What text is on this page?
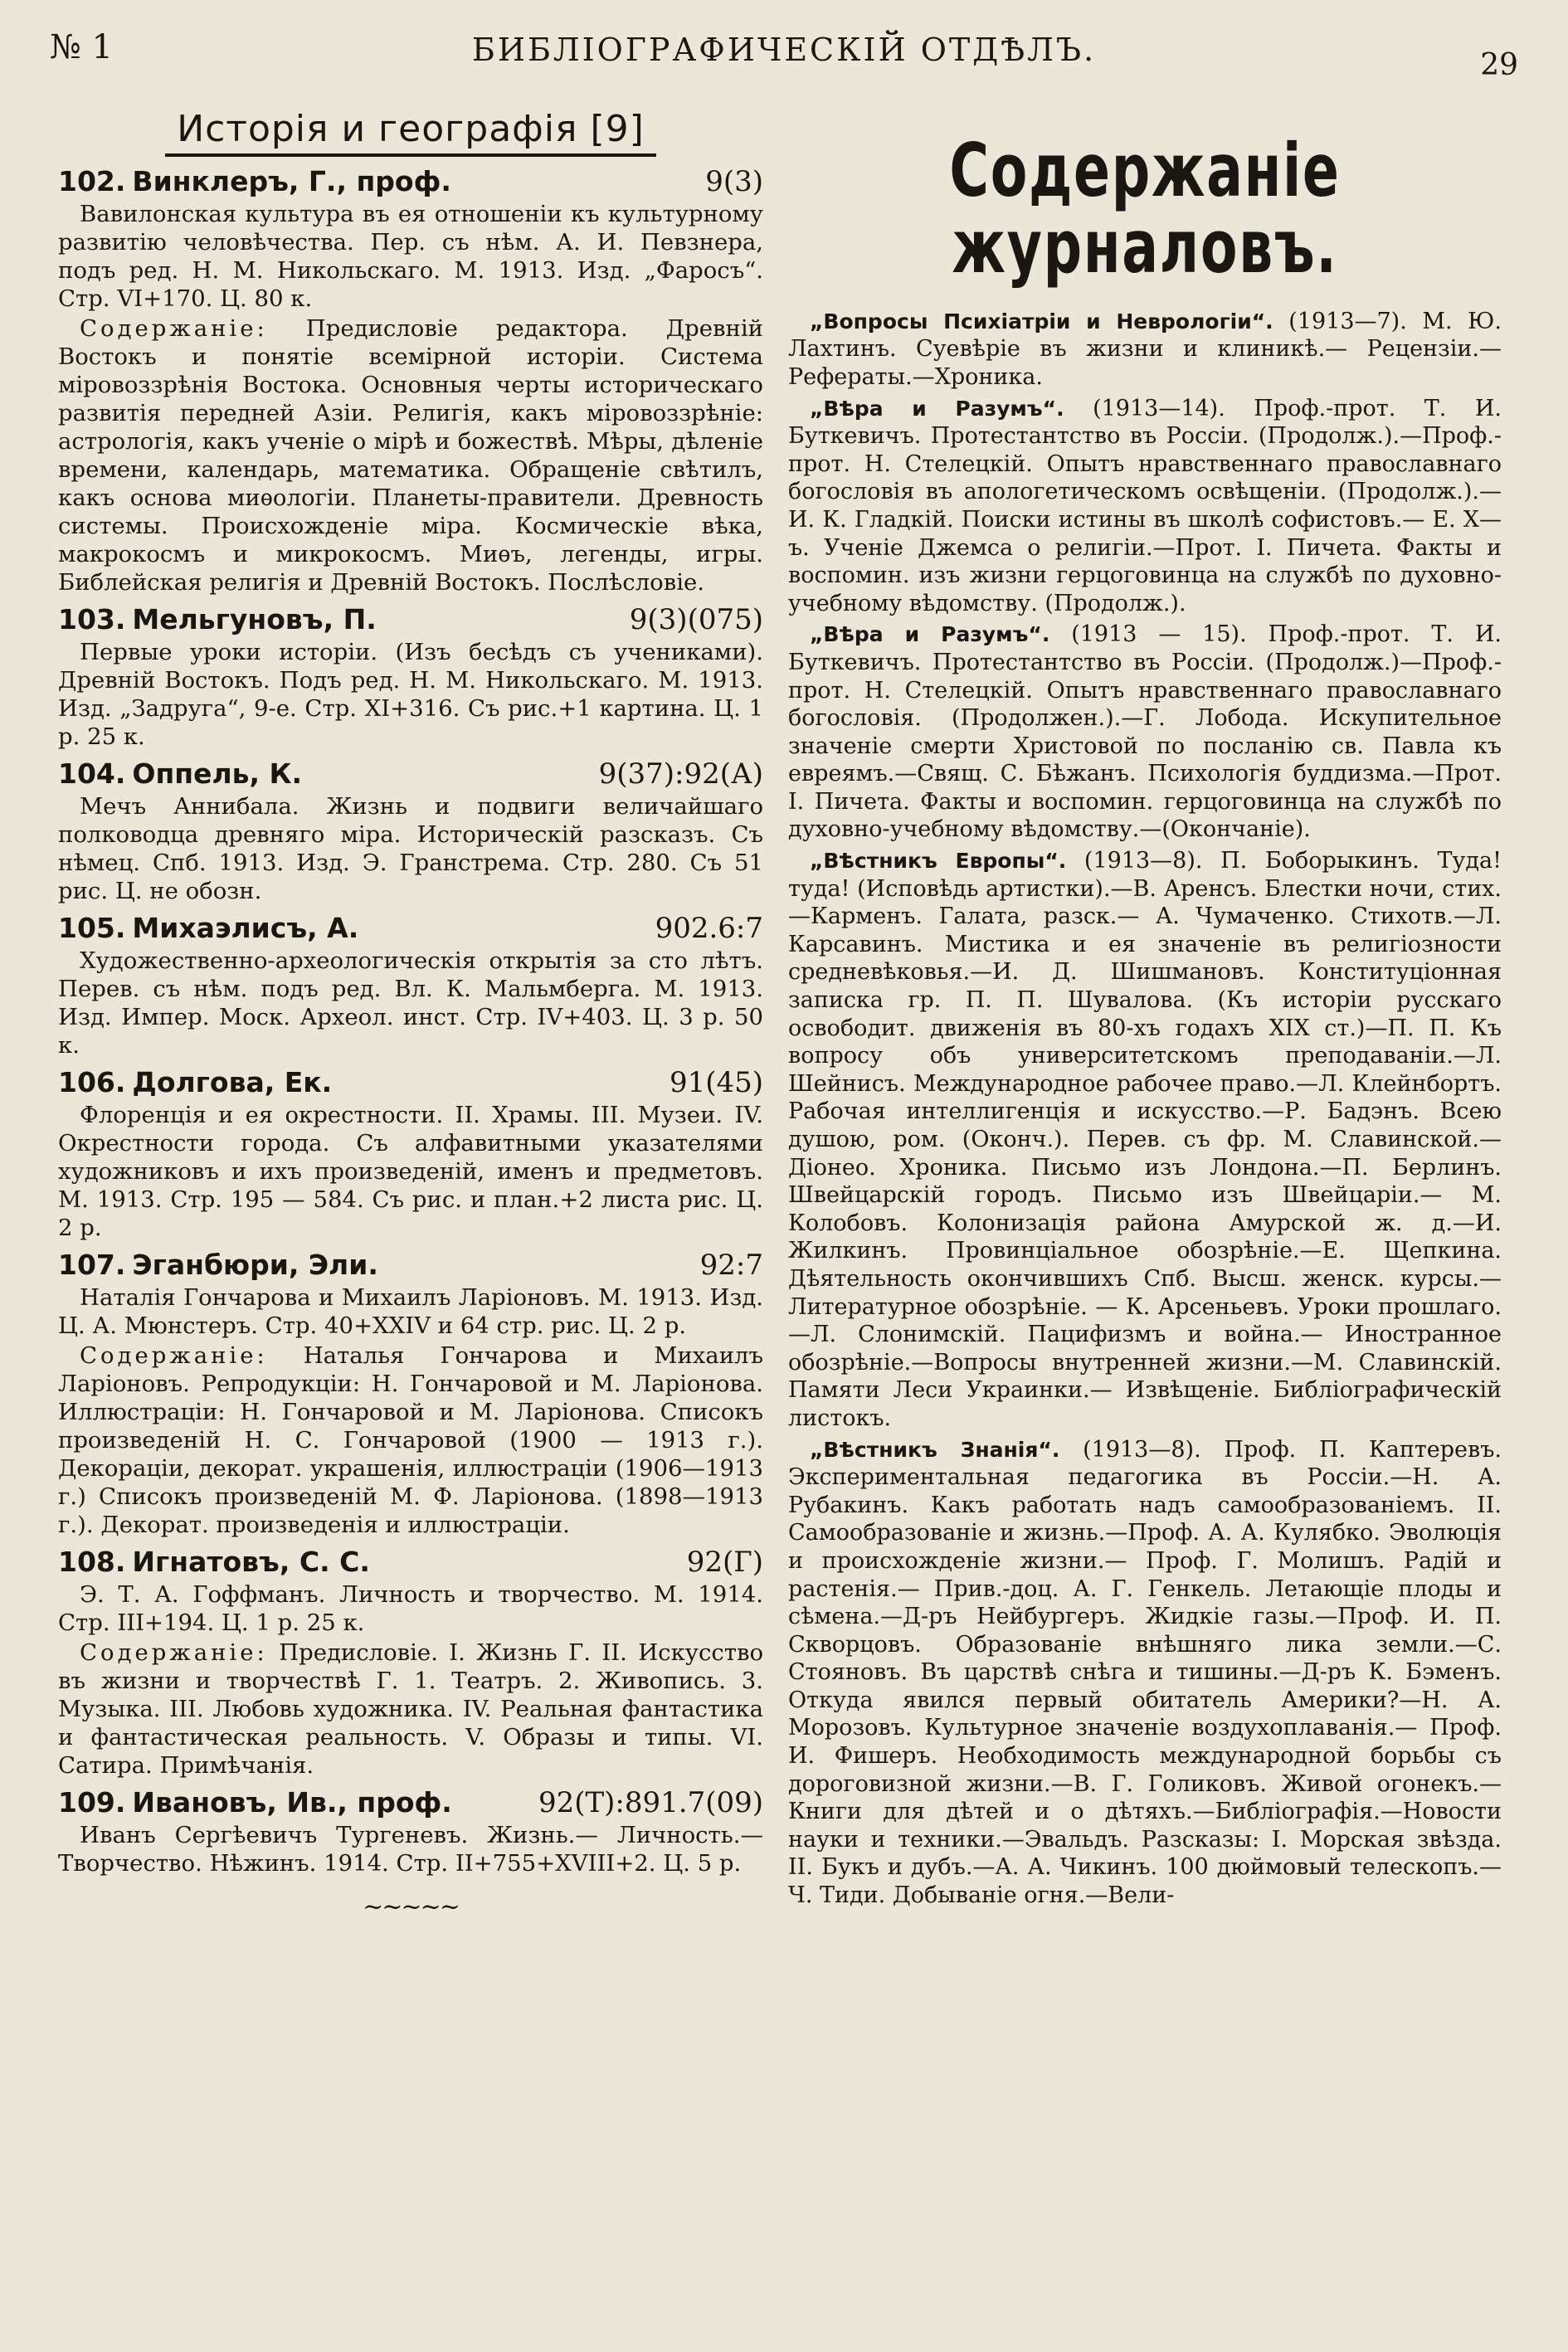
№ 1	БИБЛІОГРАФИЧЕСКІЙ ОТДѢЛЪ.	29
Исторія и географія [9]
102. Винклеръ, Г., проф.	9(3)

Вавилонская культура въ ея отношеніи къ культурному развитію человѣчества. Пер. съ нѣм. А. И. Певзнера, подъ ред. Н. М. Никольскаго. М. 1913. Изд. „Фаросъ“. Стр. VI+170. Ц. 80 к.

Содержаніе: Предисловіе редактора. Древній Востокъ и понятіе всемірной исторіи. Система міровоззрѣнія Востока. Основныя черты историческаго развитія передней Азіи. Религія, какъ міровоззрѣніе: астрологія, какъ ученіе о мірѣ и божествѣ. Мѣры, дѣленіе времени, календарь, математика. Обращеніе свѣтилъ, какъ основа миѳологіи. Планеты-правители. Древность системы. Происхожденіе міра. Космическіе вѣка, макрокосмъ и микрокосмъ. Миѳъ, легенды, игры. Библейская религія и Древній Востокъ. Послѣсловіе.

103. Мельгуновъ, П.	9(3)(075)

Первые уроки исторіи. (Изъ бесѣдъ съ учениками). Древній Востокъ. Подъ ред. Н. М. Никольскаго. М. 1913. Изд. „Задруга“, 9-е. Стр. XI+316. Съ рис.+1 картина. Ц. 1 р. 25 к.

104. Оппель, К.	9(37):92(А)

Мечъ Аннибала. Жизнь и подвиги величайшаго полководца древняго міра. Историческій разсказъ. Съ нѣмец. Спб. 1913. Изд. Э. Гранстрема. Стр. 280. Съ 51 рис. Ц. не обозн.

105. Михаэлисъ, А.	902.6:7

Художественно-археологическія открытія за сто лѣтъ. Перев. съ нѣм. подъ ред. Вл. К. Мальмберга. М. 1913. Изд. Импер. Моск. Археол. инст. Стр. IV+403. Ц. 3 р. 50 к.

106. Долгова, Ек.	91(45)

Флоренція и ея окрестности. II. Храмы. III. Музеи. IV. Окрестности города. Съ алфавитными указателями художниковъ и ихъ произведеній, именъ и предметовъ. М. 1913. Стр. 195 — 584. Съ рис. и план.+2 листа рис. Ц. 2 р.

107. Эганбюри, Эли.	92:7

Наталія Гончарова и Михаилъ Ларіоновъ. М. 1913. Изд. Ц. А. Мюнстеръ. Стр. 40+XXIV и 64 стр. рис. Ц. 2 р.

Содержаніе: Наталья Гончарова и Михаилъ Ларіоновъ. Репродукціи: Н. Гончаровой и М. Ларіонова. Иллюстраціи: Н. Гончаровой и М. Ларіонова. Списокъ произведеній Н. С. Гончаровой (1900 — 1913 г.). Декораціи, декорат. украшенія, иллюстраціи (1906—1913 г.) Списокъ произведеній М. Ф. Ларіонова. (1898—1913 г.). Декорат. произведенія и иллюстраціи.

108. Игнатовъ, С. С.	92(Г)

Э. Т. А. Гоффманъ. Личность и творчество. М. 1914. Стр. III+194. Ц. 1 р. 25 к.

Содержаніе: Предисловіе. I. Жизнь Г. II. Искусство въ жизни и творчествѣ Г. 1. Театръ. 2. Живопись. 3. Музыка. III. Любовь художника. IV. Реальная фантастика и фантастическая реальность. V. Образы и типы. VI. Сатира. Примѣчанія.

109. Ивановъ, Ив., проф.	92(Т):891.7(09)

Иванъ Сергѣевичъ Тургеневъ. Жизнь.— Личность.— Творчество. Нѣжинъ. 1914. Стр. II+755+XVIII+2. Ц. 5 р.

~~~~~
Содержаніе журналовъ.

„Вопросы Психіатріи и Неврологіи“. (1913—7). М. Ю. Лахтинъ. Суевѣріе въ жизни и клиникѣ.— Рецензіи.—Рефераты.—Хроника.

„Вѣра и Разумъ“. (1913—14). Проф.-прот. Т. И. Буткевичъ. Протестантство въ Россіи. (Продолж.).—Проф.-прот. Н. Стелецкій. Опытъ нравственнаго православнаго богословія въ апологетическомъ освѣщеніи. (Продолж.).—И. К. Гладкій. Поиски истины въ школѣ софистовъ.— Е. Х—ъ. Ученіе Джемса о религіи.—Прот. I. Пичета. Факты и воспомин. изъ жизни герцоговинца на службѣ по духовно-учебному вѣдомству. (Продолж.).

„Вѣра и Разумъ“. (1913 — 15). Проф.-прот. Т. И. Буткевичъ. Протестантство въ Россіи. (Продолж.)—Проф.-прот. Н. Стелецкій. Опытъ нравственнаго православнаго богословія. (Продолжен.).—Г. Лобода. Искупительное значеніе смерти Христовой по посланію св. Павла къ евреямъ.—Свящ. С. Бѣжанъ. Психологія буддизма.—Прот. I. Пичета. Факты и воспомин. герцоговинца на службѣ по духовно-учебному вѣдомству.—(Окончаніе).

„Вѣстникъ Европы“. (1913—8). П. Боборыкинъ. Туда! туда! (Исповѣдь артистки).—В. Аренсъ. Блестки ночи, стих.—Карменъ. Галата, разск.— А. Чумаченко. Стихотв.—Л. Карсавинъ. Мистика и ея значеніе въ религіозности средневѣковья.—И. Д. Шишмановъ. Конституціонная записка гр. П. П. Шувалова. (Къ исторіи русскаго освободит. движенія въ 80-хъ годахъ XIX ст.)—П. П. Къ вопросу объ университетскомъ преподаваніи.—Л. Шейнисъ. Международное рабочее право.—Л. Клейнбортъ. Рабочая интеллигенція и искусство.—Р. Бадэнъ. Всею душою, ром. (Оконч.). Перев. съ фр. М. Славинской.—Діонео. Хроника. Письмо изъ Лондона.—П. Берлинъ. Швейцарскій городъ. Письмо изъ Швейцаріи.— М. Колобовъ. Колонизація района Амурской ж. д.—И. Жилкинъ. Провинціальное обозрѣніе.—Е. Щепкина. Дѣятельность окончившихъ Спб. Высш. женск. курсы.— Литературное обозрѣніе. — К. Арсеньевъ. Уроки прошлаго.—Л. Слонимскій. Пацифизмъ и война.— Иностранное обозрѣніе.—Вопросы внутренней жизни.—М. Славинскій. Памяти Леси Украинки.— Извѣщеніе. Библіографическій листокъ.

„Вѣстникъ Знанія“. (1913—8). Проф. П. Каптеревъ. Экспериментальная педагогика въ Россіи.—Н. А. Рубакинъ. Какъ работать надъ самообразованіемъ. II. Самообразованіе и жизнь.—Проф. А. А. Кулябко. Эволюція и происхожденіе жизни.— Проф. Г. Молишъ. Радій и растенія.— Прив.-доц. А. Г. Генкель. Летающіе плоды и сѣмена.—Д-ръ Нейбургеръ. Жидкіе газы.—Проф. И. П. Скворцовъ. Образованіе внѣшняго лика земли.—С. Стояновъ. Въ царствѣ снѣга и тишины.—Д-ръ К. Бэменъ. Откуда явился первый обитатель Америки?—Н. А. Морозовъ. Культурное значеніе воздухоплаванія.— Проф. И. Фишеръ. Необходимость международной борьбы съ дороговизной жизни.—В. Г. Голиковъ. Живой огонекъ.— Книги для дѣтей и о дѣтяхъ.—Библіографія.—Новости науки и техники.—Эвальдъ. Разсказы: I. Морская звѣзда. II. Букъ и дубъ.—А. А. Чикинъ. 100 дюймовый телескопъ.—Ч. Тиди. Добываніе огня.—Вели-
